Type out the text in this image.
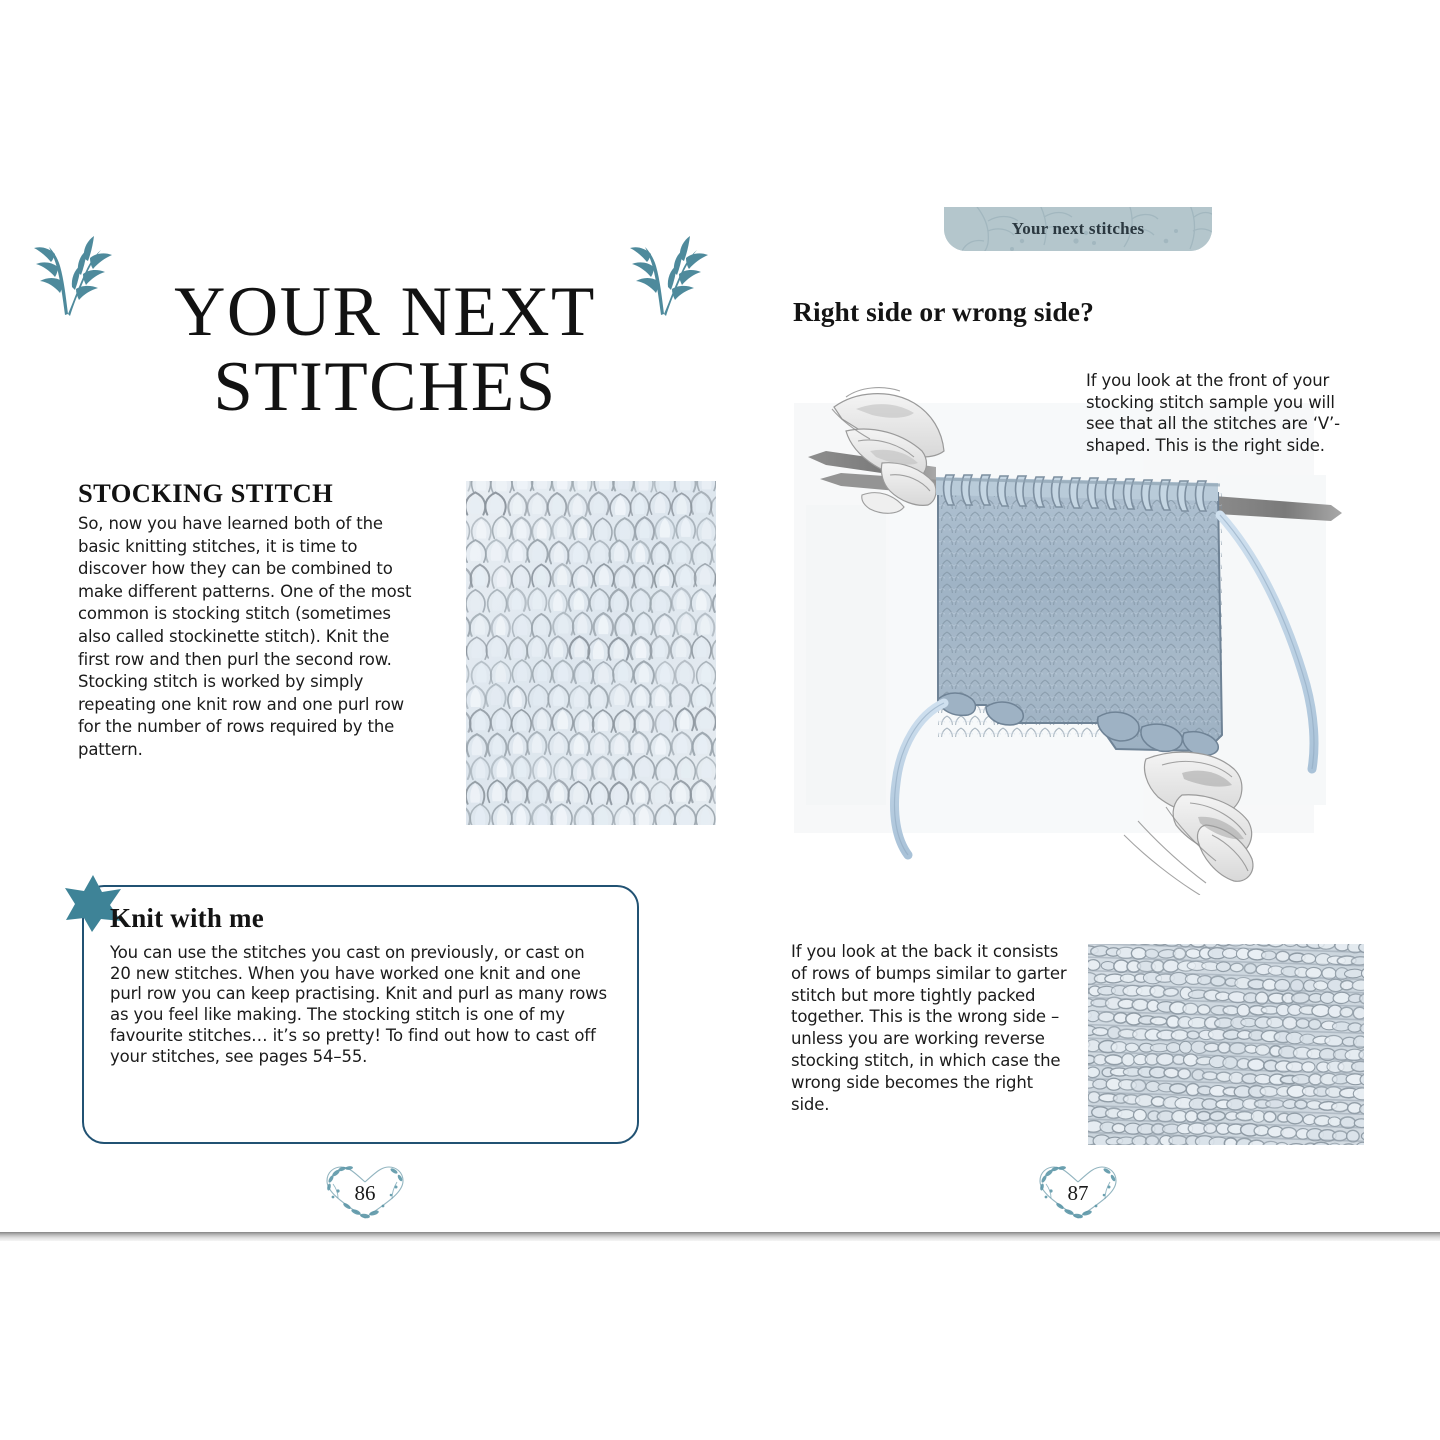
YOUR NEXT STITCHES
STOCKING STITCH
So, now you have learned both of the basic knitting stitches, it is time to discover how they can be combined to make different patterns. One of the most common is stocking stitch (sometimes also called stockinette stitch). Knit the first row and then purl the second row. Stocking stitch is worked by simply repeating one knit row and one purl row for the number of rows required by the pattern.
Knit with me
You can use the stitches you cast on previously, or cast on 20 new stitches. When you have worked one knit and one purl row you can keep practising. Knit and purl as many rows as you feel like making. The stocking stitch is one of my favourite stitches… it’s so pretty! To find out how to cast off your stitches, see pages 54–55.
86
Your next stitches
Right side or wrong side?
If you look at the front of your stocking stitch sample you will see that all the stitches are ‘V’-shaped. This is the right side.
If you look at the back it consists of rows of bumps similar to garter stitch but more tightly packed together. This is the wrong side – unless you are working reverse stocking stitch, in which case the wrong side becomes the right side.
87
